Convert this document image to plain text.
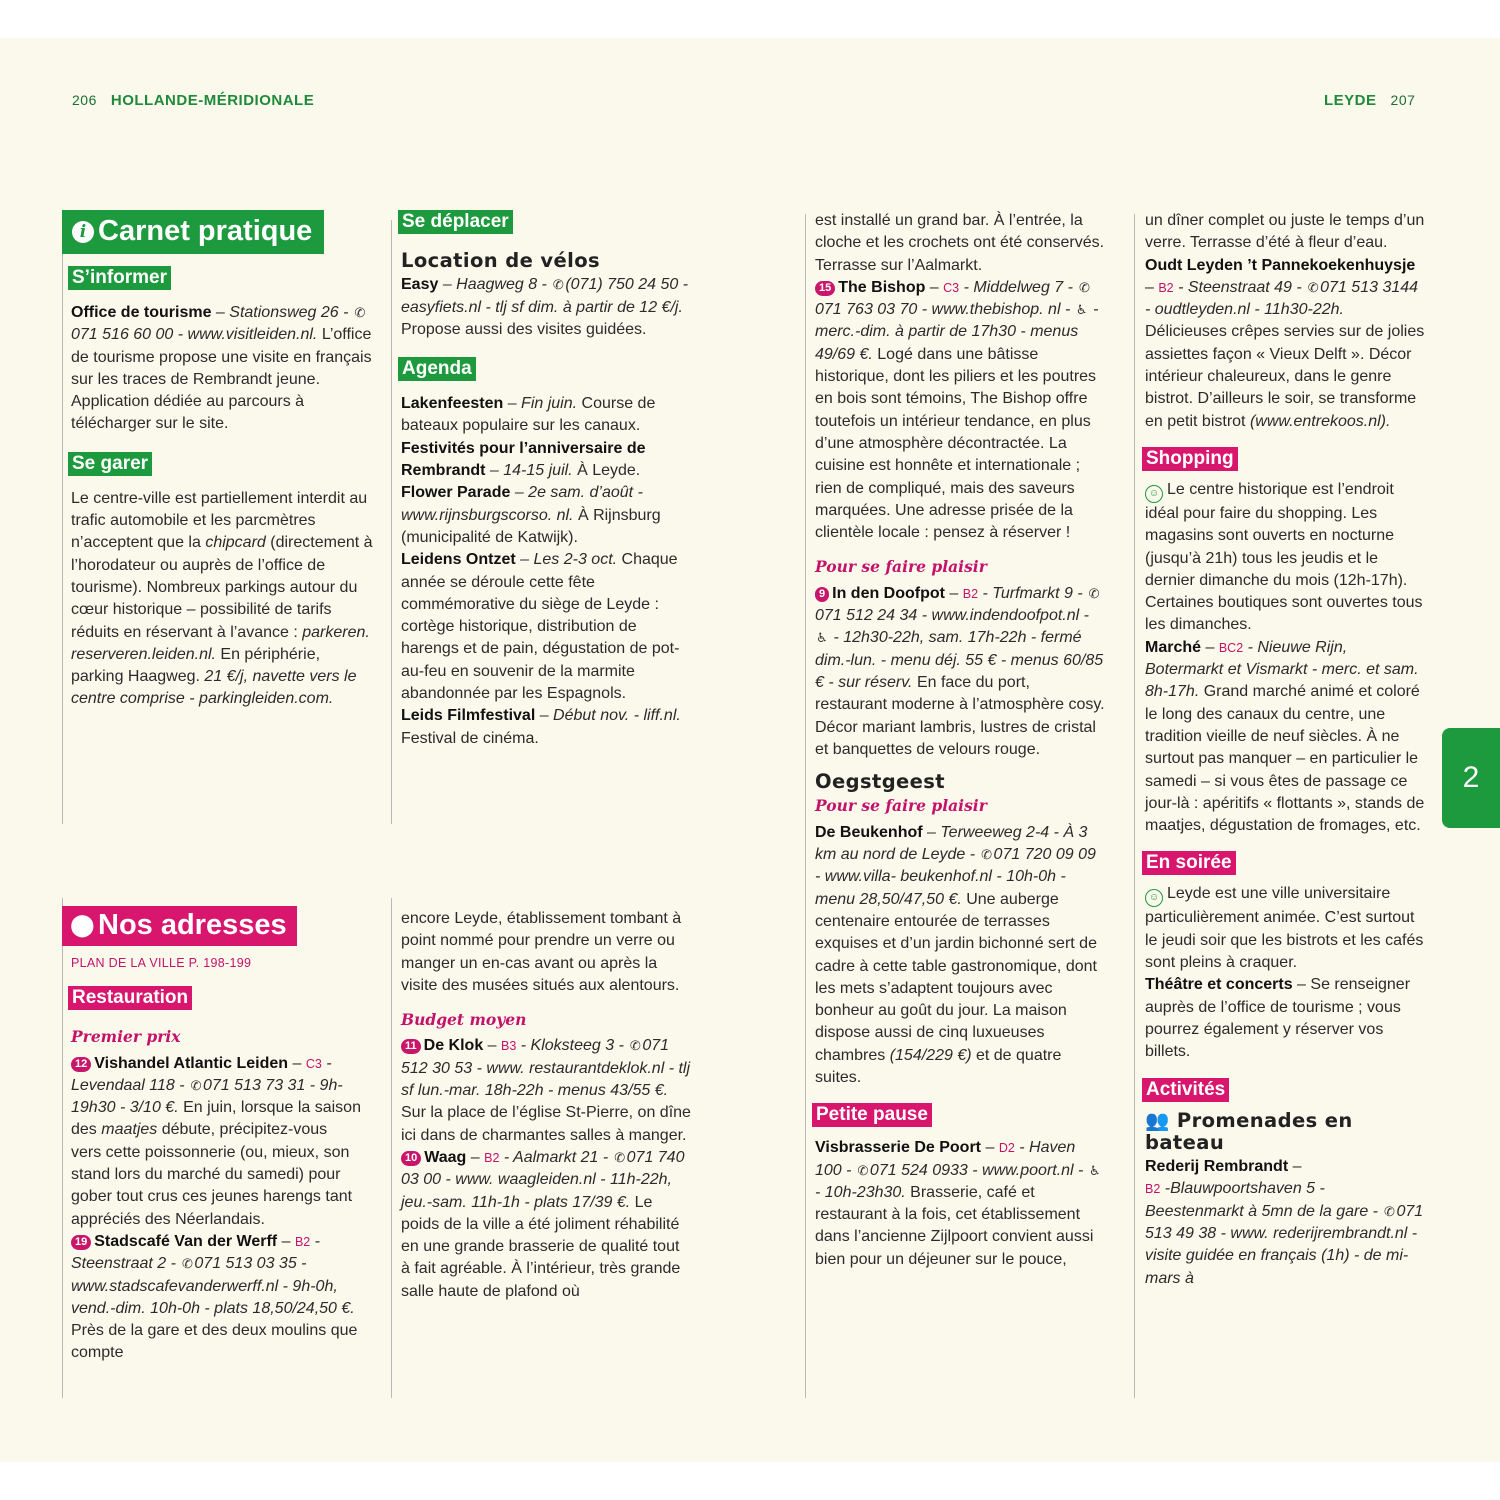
206 HOLLANDE-MÉRIDIONALE	LEYDE 207
2
i Carnet pratique
S’informer

Office de tourisme – Stationsweg 26 - ✆071 516 60 00 - www.visitleiden.nl. L’office de tourisme propose une visite en français sur les traces de Rembrandt jeune. Application dédiée au parcours à télécharger sur le site.

Se garer

Le centre-ville est partiellement interdit au trafic automobile et les parcmètres n’acceptent que la chipcard (directement à l’horodateur ou auprès de l’office de tourisme). Nombreux parkings autour du cœur historique – possibilité de tarifs réduits en réservant à l’avance : parkeren. reserveren.leiden.nl. En périphérie, parking Haagweg. 21 €/j, navette vers le centre comprise - parkingleiden.com.

Se déplacer
Location de vélos

Easy – Haagweg 8 - ✆(071) 750 24 50 - easyfiets.nl - tlj sf dim. à partir de 12 €/j. Propose aussi des visites guidées.

Agenda

Lakenfeesten – Fin juin. Course de bateaux populaire sur les canaux.

Festivités pour l’anniversaire de Rembrandt – 14-15 juil. À Leyde.

Flower Parade – 2e sam. d’août - www.rijnsburgscorso. nl. À Rijnsburg (municipalité de Katwijk).

Leidens Ontzet – Les 2-3 oct. Chaque année se déroule cette fête commémorative du siège de Leyde : cortège historique, distribution de harengs et de pain, dégustation de pot-au-feu en souvenir de la marmite abandonnée par les Espagnols.

Leids Filmfestival – Début nov. - liff.nl. Festival de cinéma.

⬤ Nos adresses
PLAN DE LA VILLE P. 198-199
Restauration
Premier prix

12 Vishandel Atlantic Leiden – C3 - Levendaal 118 - ✆071 513 73 31 - 9h-19h30 - 3/10 €. En juin, lorsque la saison des maatjes débute, précipitez-vous vers cette poissonnerie (ou, mieux, son stand lors du marché du samedi) pour gober tout crus ces jeunes harengs tant appréciés des Néerlandais.

19 Stadscafé Van der Werff – B2 - Steenstraat 2 - ✆071 513 03 35 - www.stadscafevanderwerff.nl - 9h-0h, vend.-dim. 10h-0h - plats 18,50/24,50 €. Près de la gare et des deux moulins que compte

encore Leyde, établissement tombant à point nommé pour prendre un verre ou manger un en-cas avant ou après la visite des musées situés aux alentours.

Budget moyen

11 De Klok – B3 - Kloksteeg 3 - ✆071 512 30 53 - www. restaurantdeklok.nl - tlj sf lun.-mar. 18h-22h - menus 43/55 €. Sur la place de l’église St-Pierre, on dîne ici dans de charmantes salles à manger.

10 Waag – B2 - Aalmarkt 21 - ✆071 740 03 00 - www. waagleiden.nl - 11h-22h, jeu.-sam. 11h-1h - plats 17/39 €. Le poids de la ville a été joliment réhabilité en une grande brasserie de qualité tout à fait agréable. À l’intérieur, très grande salle haute de plafond où

est installé un grand bar. À l’entrée, la cloche et les crochets ont été conservés. Terrasse sur l’Aalmarkt.

15 The Bishop – C3 - Middelweg 7 - ✆071 763 03 70 - www.thebishop. nl - ♿ - merc.-dim. à partir de 17h30 - menus 49/69 €. Logé dans une bâtisse historique, dont les piliers et les poutres en bois sont témoins, The Bishop offre toutefois un intérieur tendance, en plus d’une atmosphère décontractée. La cuisine est honnête et internationale ; rien de compliqué, mais des saveurs marquées. Une adresse prisée de la clientèle locale : pensez à réserver !

Pour se faire plaisir

9 In den Doofpot – B2 - Turfmarkt 9 - ✆071 512 24 34 - www.indendoofpot.nl - ♿ - 12h30-22h, sam. 17h-22h - fermé dim.-lun. - menu déj. 55 € - menus 60/85 € - sur réserv. En face du port, restaurant moderne à l’atmosphère cosy. Décor mariant lambris, lustres de cristal et banquettes de velours rouge.

Oegstgeest
Pour se faire plaisir

De Beukenhof – Terweeweg 2-4 - À 3 km au nord de Leyde - ✆071 720 09 09 - www.villa- beukenhof.nl - 10h-0h - menu 28,50/47,50 €. Une auberge centenaire entourée de terrasses exquises et d’un jardin bichonné sert de cadre à cette table gastronomique, dont les mets s’adaptent toujours avec bonheur au goût du jour. La maison dispose aussi de cinq luxueuses chambres (154/229 €) et de quatre suites.

Petite pause

Visbrasserie De Poort – D2 - Haven 100 - ✆071 524 0933 - www.poort.nl - ♿ - 10h-23h30. Brasserie, café et restaurant à la fois, cet établissement dans l’ancienne Zijlpoort convient aussi bien pour un déjeuner sur le pouce,

un dîner complet ou juste le temps d’un verre. Terrasse d’été à fleur d’eau.

Oudt Leyden ’t Pannekoekenhuysje – B2 - Steenstraat 49 - ✆071 513 3144 - oudtleyden.nl - 11h30-22h. Délicieuses crêpes servies sur de jolies assiettes façon « Vieux Delft ». Décor intérieur chaleureux, dans le genre bistrot. D’ailleurs le soir, se transforme en petit bistrot (www.entrekoos.nl).

Shopping

☺ Le centre historique est l’endroit idéal pour faire du shopping. Les magasins sont ouverts en nocturne (jusqu’à 21h) tous les jeudis et le dernier dimanche du mois (12h-17h). Certaines boutiques sont ouvertes tous les dimanches.

Marché – BC2 - Nieuwe Rijn, Botermarkt et Vismarkt - merc. et sam. 8h-17h. Grand marché animé et coloré le long des canaux du centre, une tradition vieille de neuf siècles. À ne surtout pas manquer – en particulier le samedi – si vous êtes de passage ce jour-là : apéritifs « flottants », stands de maatjes, dégustation de fromages, etc.

En soirée

☺ Leyde est une ville universitaire particulièrement animée. C’est surtout le jeudi soir que les bistrots et les cafés sont pleins à craquer.

Théâtre et concerts – Se renseigner auprès de l’office de tourisme ; vous pourrez également y réserver vos billets.

Activités
👥 Promenades en bateau

Rederij Rembrandt –
B2 -Blauwpoortshaven 5 - Beestenmarkt à 5mn de la gare - ✆071 513 49 38 - www. rederijrembrandt.nl - visite guidée en français (1h) - de mi-mars à
